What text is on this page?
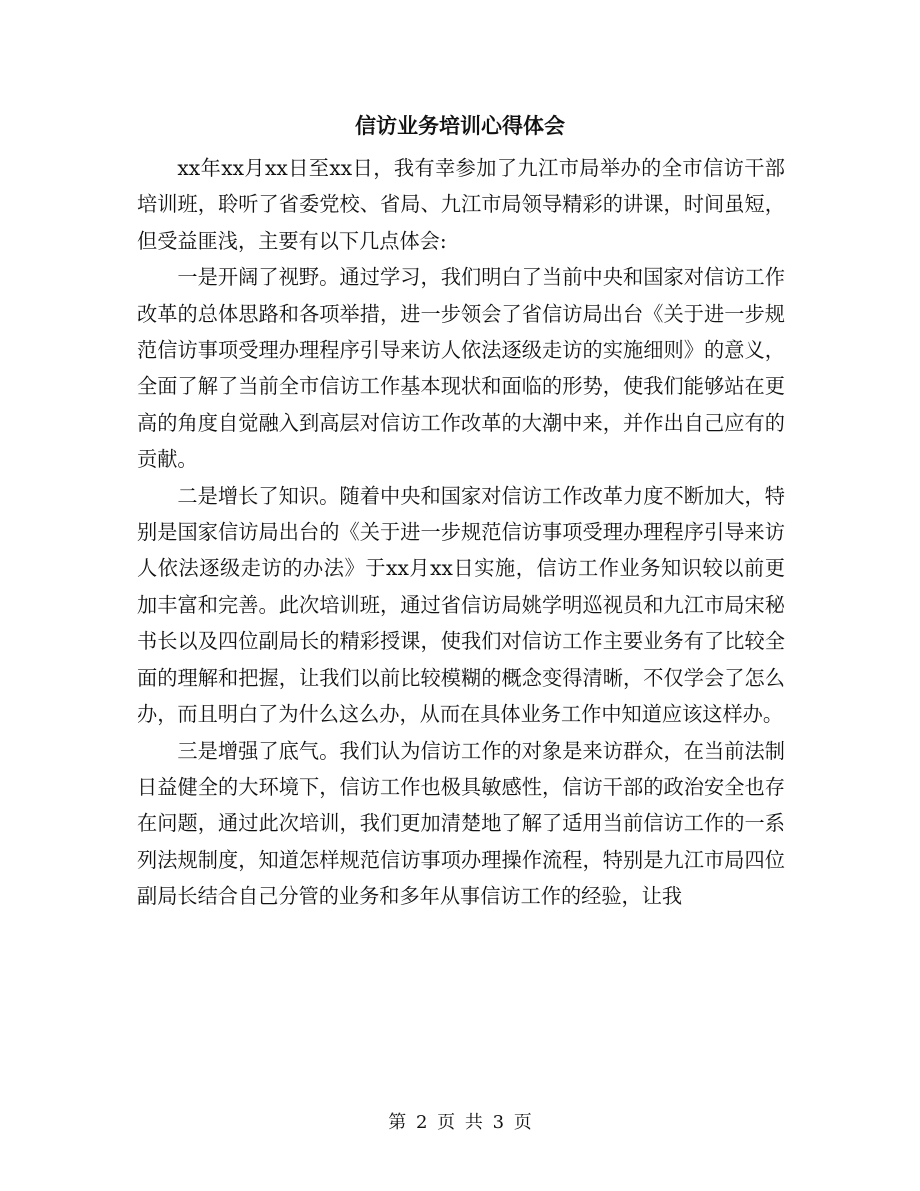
信访业务培训心得体会

xx年xx月xx日至xx日，我有幸参加了九江市局举办的全市信访干部培训班，聆听了省委党校、省局、九江市局领导精彩的讲课，时间虽短，但受益匪浅，主要有以下几点体会:

一是开阔了视野。通过学习，我们明白了当前中央和国家对信访工作改革的总体思路和各项举措，进一步领会了省信访局出台《关于进一步规范信访事项受理办理程序引导来访人依法逐级走访的实施细则》的意义，全面了解了当前全市信访工作基本现状和面临的形势，使我们能够站在更高的角度自觉融入到高层对信访工作改革的大潮中来，并作出自己应有的贡献。

二是增长了知识。随着中央和国家对信访工作改革力度不断加大，特别是国家信访局出台的《关于进一步规范信访事项受理办理程序引导来访人依法逐级走访的办法》于xx月xx日实施，信访工作业务知识较以前更加丰富和完善。此次培训班，通过省信访局姚学明巡视员和九江市局宋秘书长以及四位副局长的精彩授课，使我们对信访工作主要业务有了比较全面的理解和把握，让我们以前比较模糊的概念变得清晰，不仅学会了怎么办，而且明白了为什么这么办，从而在具体业务工作中知道应该这样办。

三是增强了底气。我们认为信访工作的对象是来访群众，在当前法制日益健全的大环境下，信访工作也极具敏感性，信访干部的政治安全也存在问题，通过此次培训，我们更加清楚地了解了适用当前信访工作的一系列法规制度，知道怎样规范信访事项办理操作流程，特别是九江市局四位副局长结合自己分管的业务和多年从事信访工作的经验，让我

第 2 页 共 3 页
